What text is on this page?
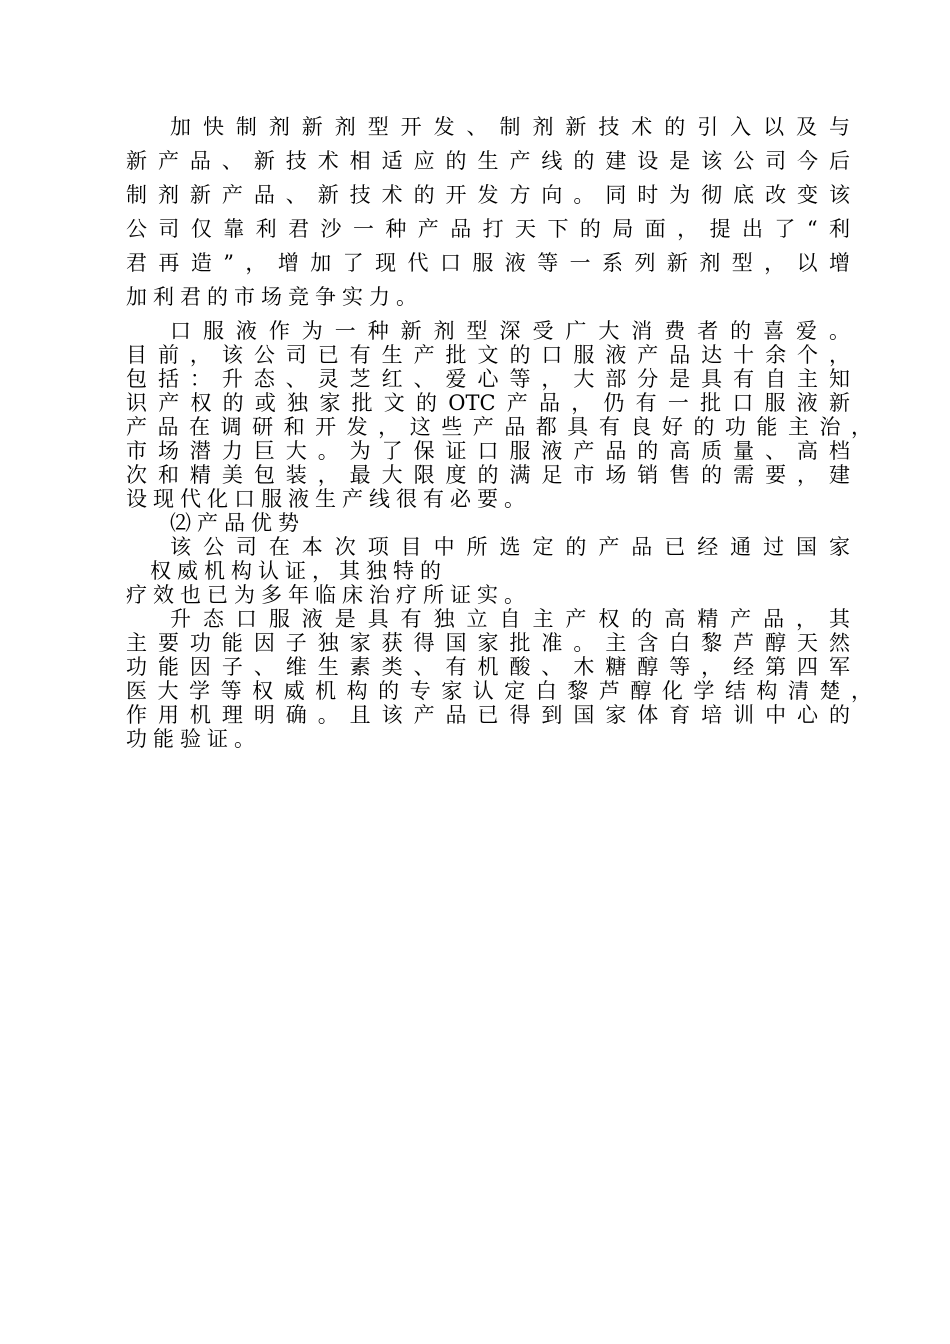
加快制剂新剂型开发、制剂新技术的引入以及与
新产品、新技术相适应的生产线的建设是该公司今后
制剂新产品、新技术的开发方向。同时为彻底改变该
公司仅靠利君沙一种产品打天下的局面，提出了“利
君再造”，增加了现代口服液等一系列新剂型，以增
加利君的市场竞争实力。
口服液作为一种新剂型深受广大消费者的喜爱。
目前，该公司已有生产批文的口服液产品达十余个，
包括：升态、灵芝红、爱心等，大部分是具有自主知
识产权的或独家批文的OTC产品，仍有一批口服液新
产品在调研和开发，这些产品都具有良好的功能主治，
市场潜力巨大。为了保证口服液产品的高质量、高档
次和精美包装，最大限度的满足市场销售的需要，建
设现代化口服液生产线很有必要。
⑵产品优势
该公司在本次项目中所选定的产品已经通过国家
权威机构认证，其独特的
疗效也已为多年临床治疗所证实。
升态口服液是具有独立自主产权的高精产品，其
主要功能因子独家获得国家批准。主含白黎芦醇天然
功能因子、维生素类、有机酸、木糖醇等，经第四军
医大学等权威机构的专家认定白黎芦醇化学结构清楚，
作用机理明确。且该产品已得到国家体育培训中心的
功能验证。
